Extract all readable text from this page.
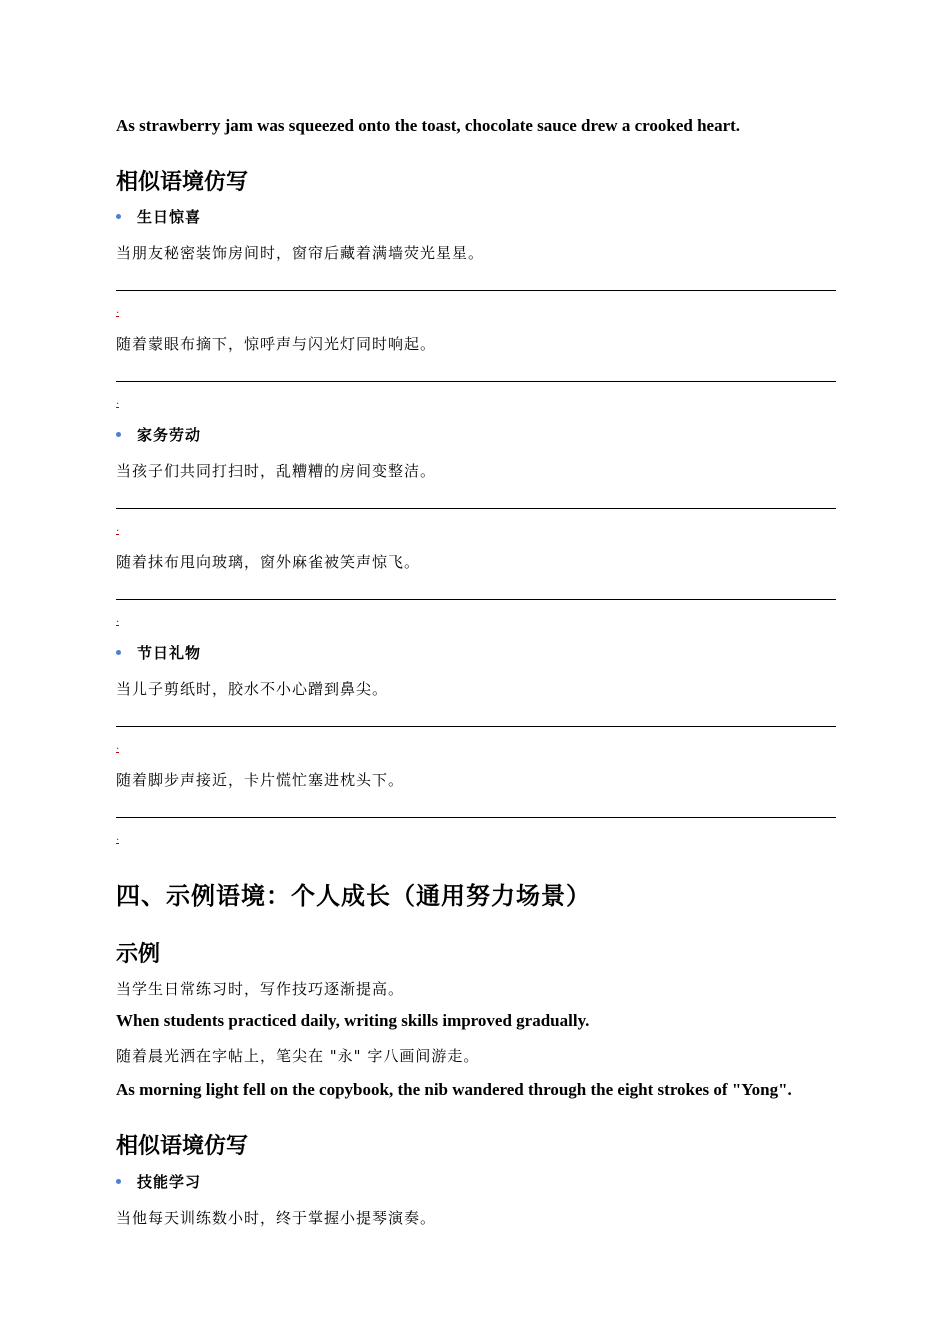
As strawberry jam was squeezed onto the toast, chocolate sauce drew a crooked heart.
相似语境仿写
生日惊喜
当朋友秘密装饰房间时，窗帘后藏着满墙荧光星星。
.
随着蒙眼布摘下，惊呼声与闪光灯同时响起。
.
家务劳动
当孩子们共同打扫时，乱糟糟的房间变整洁。
.
随着抹布甩向玻璃，窗外麻雀被笑声惊飞。
.
节日礼物
当儿子剪纸时，胶水不小心蹭到鼻尖。
.
随着脚步声接近，卡片慌忙塞进枕头下。
.
四、示例语境：个人成长（通用努力场景）
示例
当学生日常练习时，写作技巧逐渐提高。
When students practiced daily, writing skills improved gradually.
随着晨光洒在字帖上，笔尖在 "永" 字八画间游走。
As morning light fell on the copybook, the nib wandered through the eight strokes of "Yong".
相似语境仿写
技能学习
当他每天训练数小时，终于掌握小提琴演奏。
